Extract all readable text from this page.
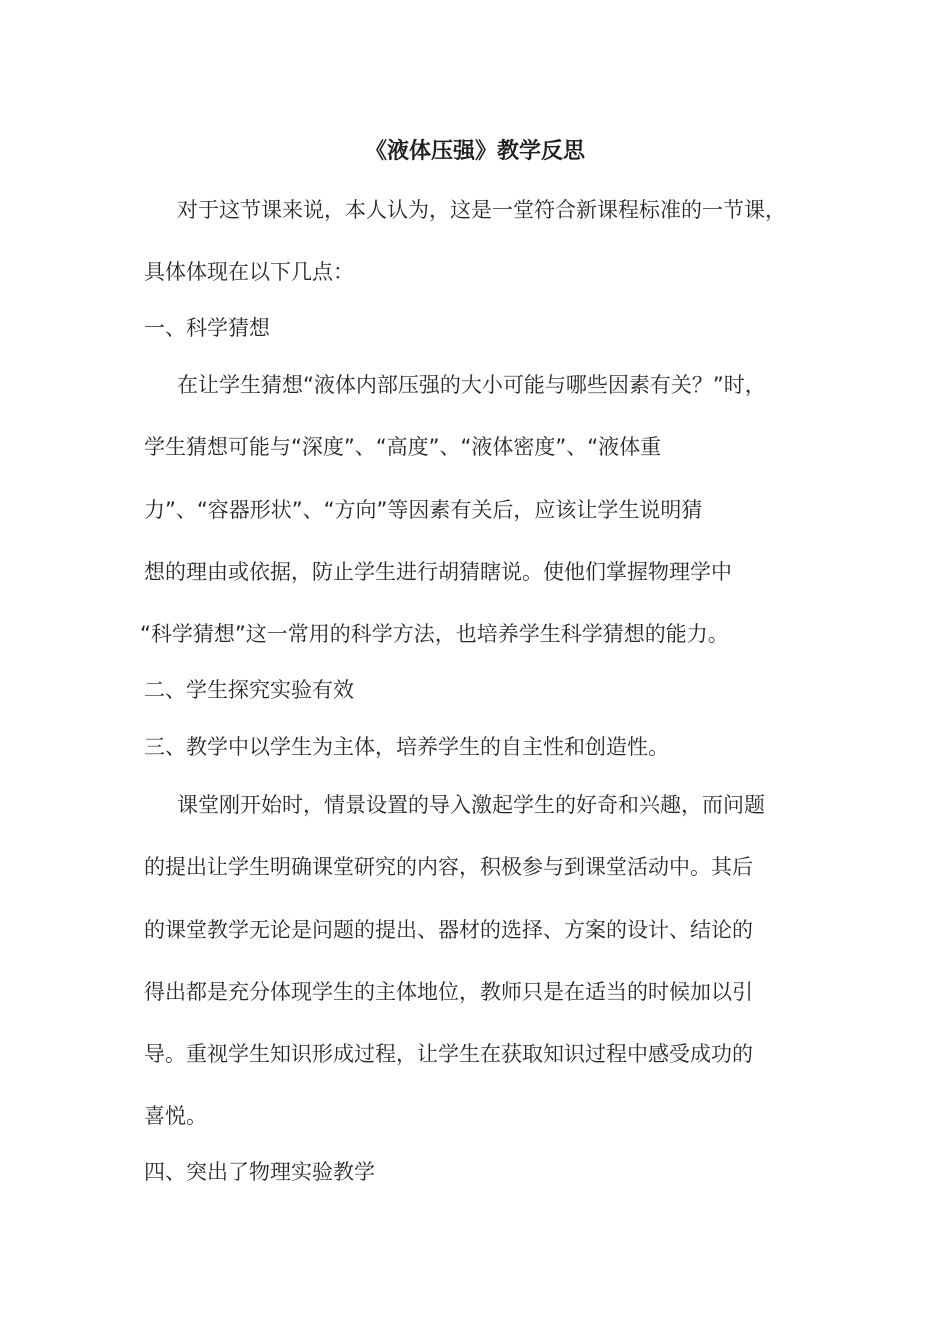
《液体压强》教学反思
对于这节课来说，本人认为，这是一堂符合新课程标准的一节课，
具体体现在以下几点：
一、科学猜想
在让学生猜想“液体内部压强的大小可能与哪些因素有关？”时，
学生猜想可能与“深度”、“高度”、“液体密度”、“液体重
力”、“容器形状”、“方向”等因素有关后，应该让学生说明猜
想的理由或依据，防止学生进行胡猜瞎说。使他们掌握物理学中
“科学猜想”这一常用的科学方法，也培养学生科学猜想的能力。
二、学生探究实验有效
三、教学中以学生为主体，培养学生的自主性和创造性。
课堂刚开始时，情景设置的导入激起学生的好奇和兴趣，而问题
的提出让学生明确课堂研究的内容，积极参与到课堂活动中。其后
的课堂教学无论是问题的提出、器材的选择、方案的设计、结论的
得出都是充分体现学生的主体地位，教师只是在适当的时候加以引
导。重视学生知识形成过程，让学生在获取知识过程中感受成功的
喜悦。
四、突出了物理实验教学
